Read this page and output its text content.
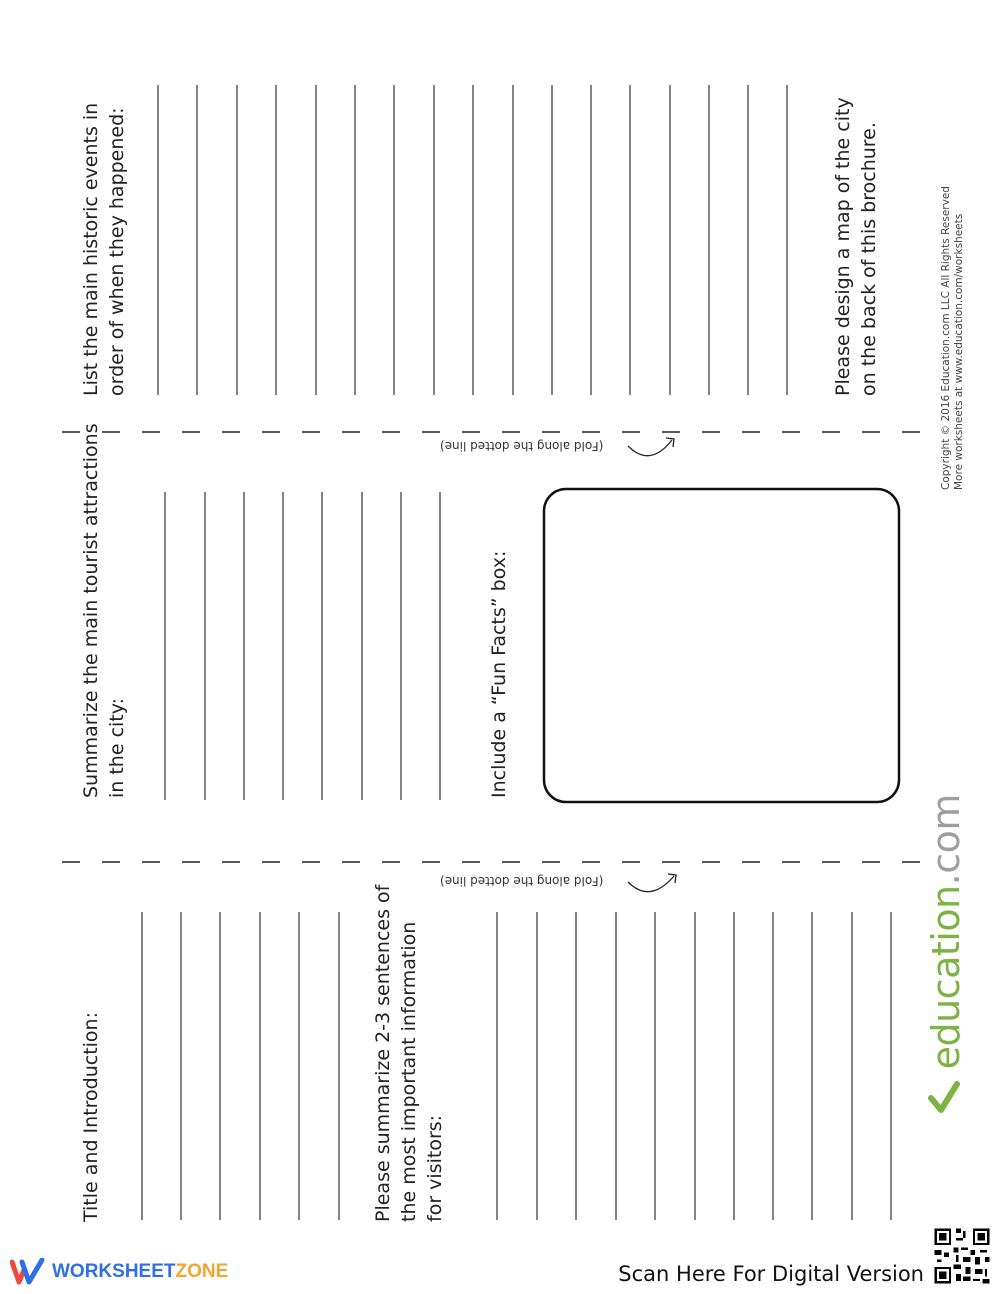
List the main historic events in order of when they happened:	Please design a map of the city on the back of this brochure.
Summarize the main tourist attractions in the city:	Include a “Fun Facts” box:
Title and Introduction:	Please summarize 2-3 sentences of the most important information for visitors:
(Fold along the dotted line)
(Fold along the dotted line)
Copyright © 2016 Education.com LLC All Rights Reserved More worksheets at www.education.com/worksheets
education.com
WORKSHEETZONE	Scan Here For Digital Version
